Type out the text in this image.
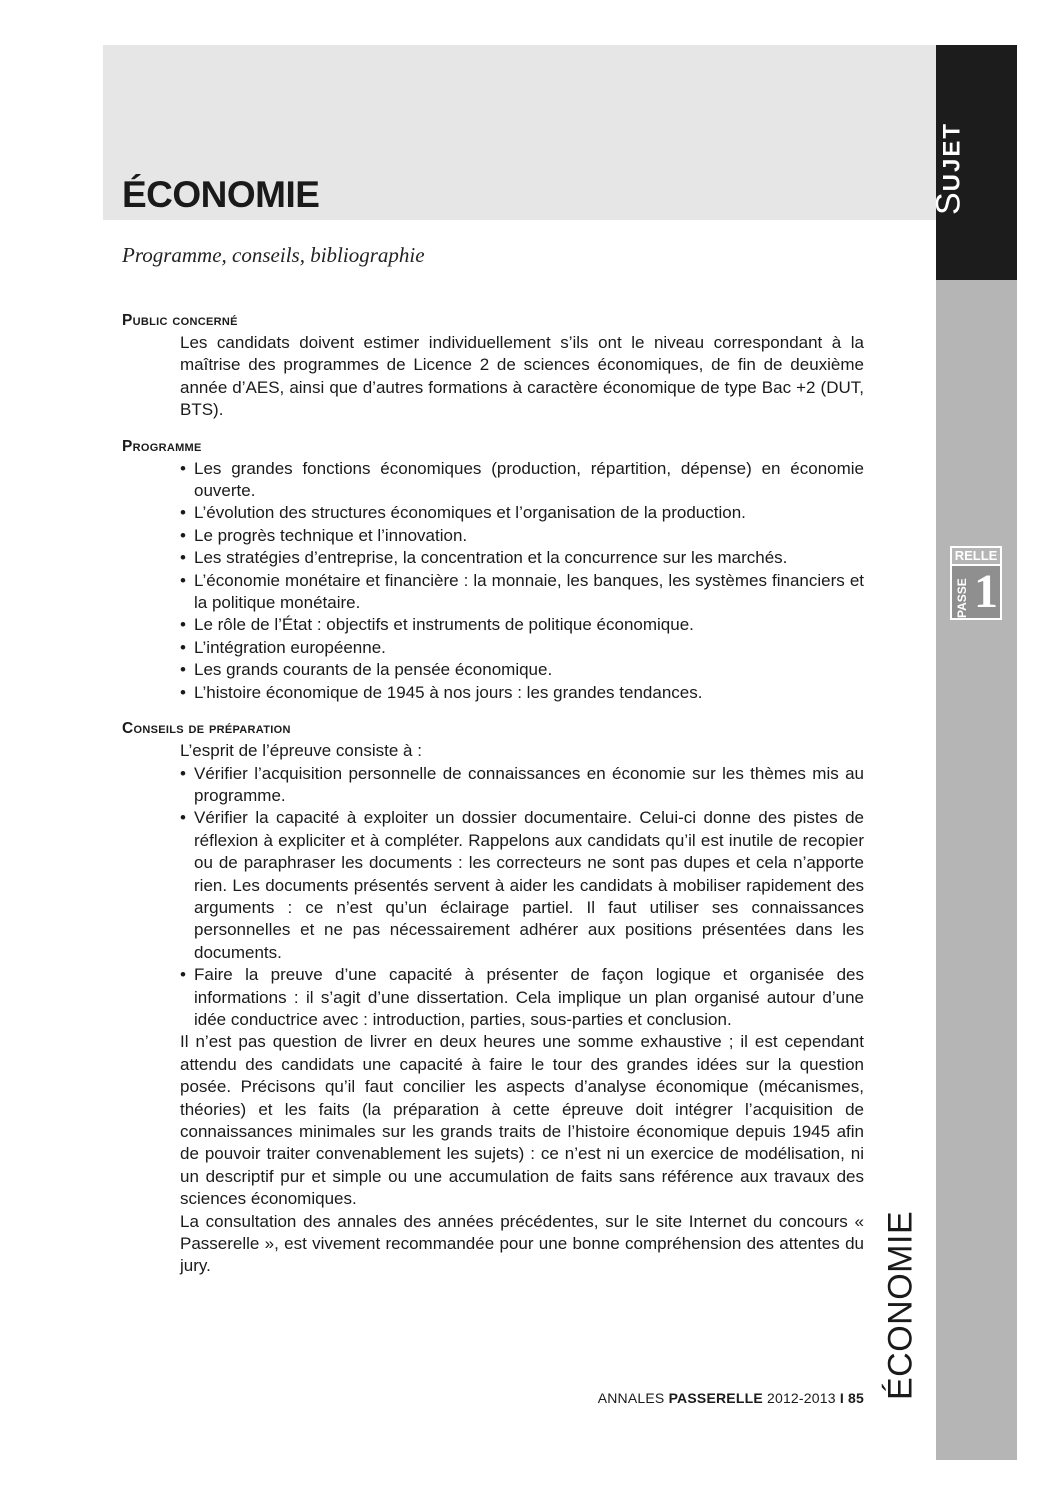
ÉCONOMIE

Programme, conseils, bibliographie

SUJET
RELLE
PASSE 1
ÉCONOMIE
Public concerné

Les candidats doivent estimer individuellement s’ils ont le niveau correspondant à la maîtrise des programmes de Licence 2 de sciences économiques, de fin de deuxième année d’AES, ainsi que d’autres formations à caractère économique de type Bac +2 (DUT, BTS).

Programme
• Les grandes fonctions économiques (production, répartition, dépense) en économie ouverte.
• L’évolution des structures économiques et l’organisation de la production.
• Le progrès technique et l’innovation.
• Les stratégies d’entreprise, la concentration et la concurrence sur les marchés.
• L’économie monétaire et financière : la monnaie, les banques, les systèmes financiers et la politique monétaire.
• Le rôle de l’État : objectifs et instruments de politique économique.
• L’intégration européenne.
• Les grands courants de la pensée économique.
• L’histoire économique de 1945 à nos jours : les grandes tendances.
Conseils de préparation

L’esprit de l’épreuve consiste à :

• Vérifier l’acquisition personnelle de connaissances en économie sur les thèmes mis au programme.
• Vérifier la capacité à exploiter un dossier documentaire. Celui-ci donne des pistes de réflexion à expliciter et à compléter. Rappelons aux candidats qu’il est inutile de recopier ou de paraphraser les documents : les correcteurs ne sont pas dupes et cela n’apporte rien. Les documents présentés servent à aider les candidats à mobiliser rapidement des arguments : ce n’est qu’un éclairage partiel. Il faut utiliser ses connaissances personnelles et ne pas nécessairement adhérer aux positions présentées dans les documents.
• Faire la preuve d’une capacité à présenter de façon logique et organisée des informations : il s’agit d’une dissertation. Cela implique un plan organisé autour d’une idée conductrice avec : introduction, parties, sous-parties et conclusion.

Il n’est pas question de livrer en deux heures une somme exhaustive ; il est cependant attendu des candidats une capacité à faire le tour des grandes idées sur la question posée. Précisons qu’il faut concilier les aspects d’analyse économique (mécanismes, théories) et les faits (la préparation à cette épreuve doit intégrer l’acquisition de connaissances minimales sur les grands traits de l’histoire économique depuis 1945 afin de pouvoir traiter convenablement les sujets) : ce n’est ni un exercice de modélisation, ni un descriptif pur et simple ou une accumulation de faits sans référence aux travaux des sciences économiques.

La consultation des annales des années précédentes, sur le site Internet du concours « Passerelle », est vivement recommandée pour une bonne compréhension des attentes du jury.

ANNALES PASSERELLE 2012-2013 I 85
